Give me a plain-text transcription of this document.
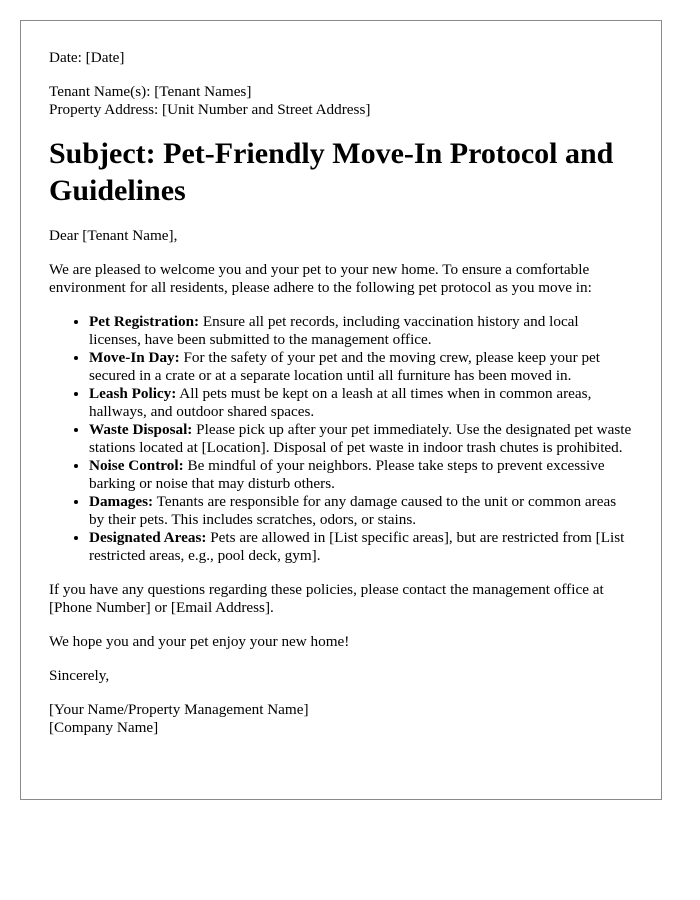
Date: [Date]

Tenant Name(s): [Tenant Names]

Property Address: [Unit Number and Street Address]

Subject: Pet-Friendly Move-In Protocol and Guidelines

Dear [Tenant Name],

We are pleased to welcome you and your pet to your new home. To ensure a comfortable environment for all residents, please adhere to the following pet protocol as you move in:

• Pet Registration: Ensure all pet records, including vaccination history and local licenses, have been submitted to the management office.
• Move-In Day: For the safety of your pet and the moving crew, please keep your pet secured in a crate or at a separate location until all furniture has been moved in.
• Leash Policy: All pets must be kept on a leash at all times when in common areas, hallways, and outdoor shared spaces.
• Waste Disposal: Please pick up after your pet immediately. Use the designated pet waste stations located at [Location]. Disposal of pet waste in indoor trash chutes is prohibited.
• Noise Control: Be mindful of your neighbors. Please take steps to prevent excessive barking or noise that may disturb others.
• Damages: Tenants are responsible for any damage caused to the unit or common areas by their pets. This includes scratches, odors, or stains.
• Designated Areas: Pets are allowed in [List specific areas], but are restricted from [List restricted areas, e.g., pool deck, gym].

If you have any questions regarding these policies, please contact the management office at [Phone Number] or [Email Address].

We hope you and your pet enjoy your new home!

Sincerely,

[Your Name/Property Management Name]

[Company Name]
